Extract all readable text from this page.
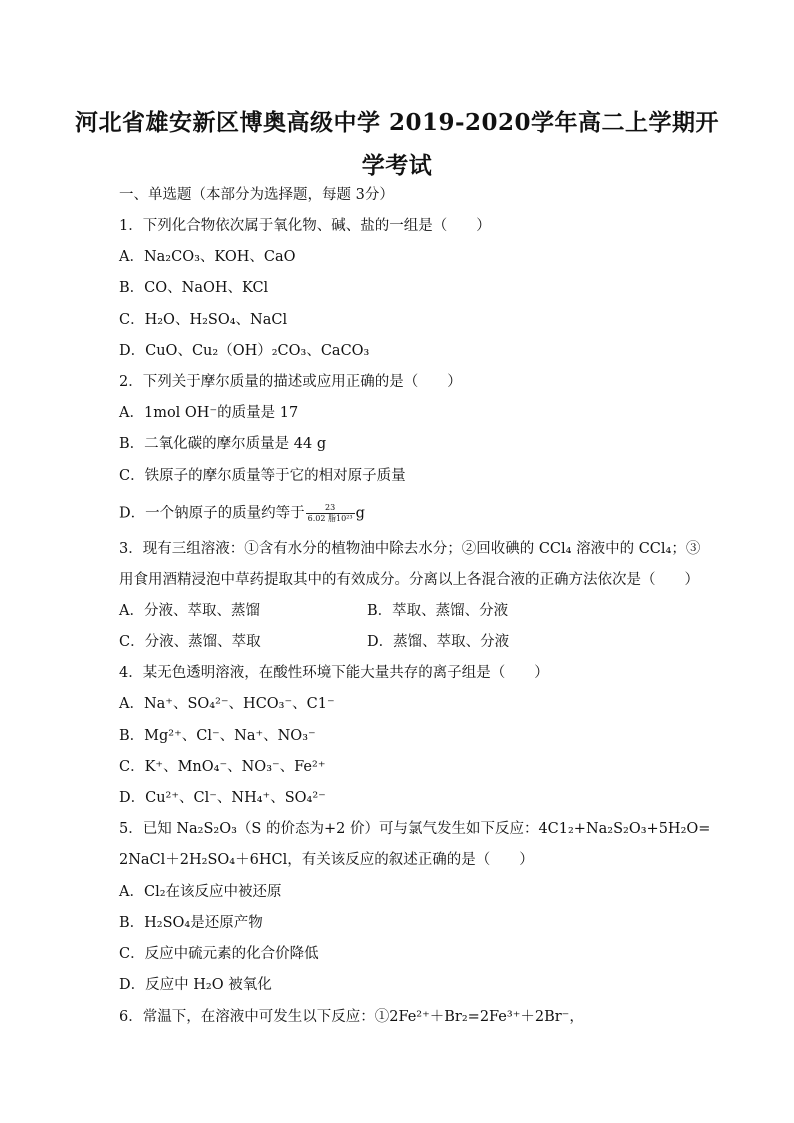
河北省雄安新区博奥高级中学 2019-2020学年高二上学期开
学考试
一、单选题（本部分为选择题，每题 3分）
1．下列化合物依次属于氧化物、碱、盐的一组是（　　）
A．Na₂CO₃、KOH、CaO
B．CO、NaOH、KCl
C．H₂O、H₂SO₄、NaCl
D．CuO、Cu₂（OH）₂CO₃、CaCO₃
2．下列关于摩尔质量的描述或应用正确的是（　　）
A．1mol OH⁻的质量是 17
B．二氧化碳的摩尔质量是 44 g
C．铁原子的摩尔质量等于它的相对原子质量
D．一个钠原子的质量约等于 $\frac{23}{\text{6.02 脂10²³}}$ g
3．现有三组溶液：①含有水分的植物油中除去水分；②回收碘的 CCl₄ 溶液中的 CCl₄；③
用食用酒精浸泡中草药提取其中的有效成分。分离以上各混合液的正确方法依次是（　　）
A．分液、萃取、蒸馏	B．萃取、蒸馏、分液
C．分液、蒸馏、萃取	D．蒸馏、萃取、分液
4．某无色透明溶液，在酸性环境下能大量共存的离子组是（　　）
A．Na⁺、SO₄²⁻、HCO₃⁻、C1⁻
B．Mg²⁺、Cl⁻、Na⁺、NO₃⁻
C．K⁺、MnO₄⁻、NO₃⁻、Fe²⁺
D．Cu²⁺、Cl⁻、NH₄⁺、SO₄²⁻
5．已知 Na₂S₂O₃（S 的价态为+2 价）可与氯气发生如下反应：4C1₂+Na₂S₂O₃+5H₂O=
2NaCl＋2H₂SO₄＋6HCl，有关该反应的叙述正确的是（　　）
A．Cl₂在该反应中被还原
B．H₂SO₄是还原产物
C．反应中硫元素的化合价降低
D．反应中 H₂O 被氧化
6．常温下，在溶液中可发生以下反应：①2Fe²⁺＋Br₂=2Fe³⁺＋2Br⁻，
